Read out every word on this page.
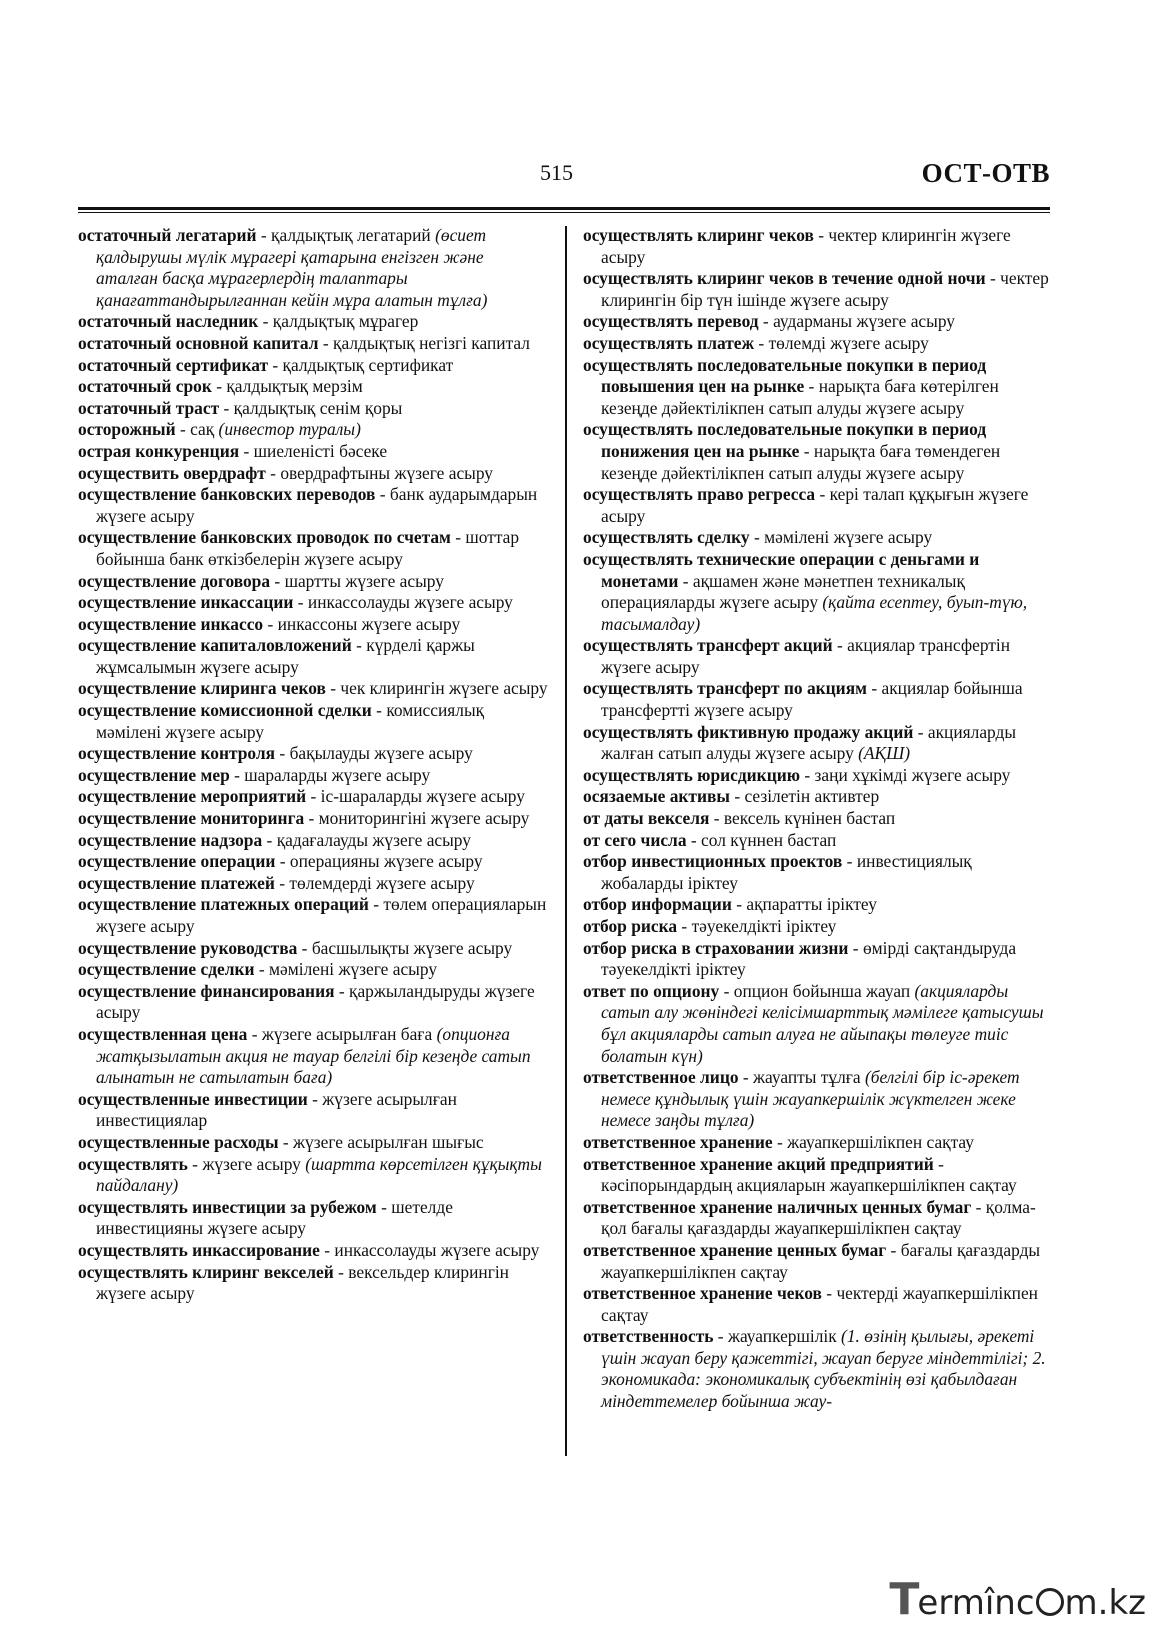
515	ОСТ-ОТВ

остаточный легатарий - қалдықтық легатарий (өсиет қалдырушы мүлік мұрагері қатарына енгізген және аталған басқа мұрагерлердің талаптары қанағаттандырылғаннан кейін мұра алатын тұлға)

остаточный наследник - қалдықтық мұрагер

остаточный основной капитал - қалдықтық негізгі капитал

остаточный сертификат - қалдықтық сертификат

остаточный срок - қалдықтық мерзім

остаточный траст - қалдықтық сенім қоры

осторожный - сақ (инвестор туралы)

острая конкуренция - шиеленісті бәсеке

осуществить овердрафт - овердрафтыны жүзеге асыру

осуществление банковских переводов - банк аударымдарын жүзеге асыру

осуществление банковских проводок по счетам - шоттар бойынша банк өткізбелерін жүзеге асыру

осуществление договора - шартты жүзеге асыру

осуществление инкассации - инкассолауды жүзеге асыру

осуществление инкассо - инкассоны жүзеге асыру

осуществление капиталовложений - күрделі қаржы жұмсалымын жүзеге асыру

осуществление клиринга чеков - чек клирингін жүзеге асыру

осуществление комиссионной сделки - комиссиялық мәмілені жүзеге асыру

осуществление контроля - бақылауды жүзеге асыру

осуществление мер - шараларды жүзеге асыру

осуществление мероприятий - іс-шараларды жүзеге асыру

осуществление мониторинга - мониторингіні жүзеге асыру

осуществление надзора - қадағалауды жүзеге асыру

осуществление операции - операцияны жүзеге асыру

осуществление платежей - төлемдерді жүзеге асыру

осуществление платежных операций - төлем операцияларын жүзеге асыру

осуществление руководства - басшылықты жүзеге асыру

осуществление сделки - мәмілені жүзеге асыру

осуществление финансирования - қаржыландыруды жүзеге асыру

осуществленная цена - жүзеге асырылған баға (опционға жатқызылатын акция не тауар белгілі бір кезеңде сатып алынатын не сатылатын баға)

осуществленные инвестиции - жүзеге асырылған инвестициялар

осуществленные расходы - жүзеге асырылған шығыс

осуществлять - жүзеге асыру (шартта көрсетілген құқықты пайдалану)

осуществлять инвестиции за рубежом - шетелде инвестицияны жүзеге асыру

осуществлять инкассирование - инкассолауды жүзеге асыру

осуществлять клиринг векселей - вексельдер клирингін жүзеге асыру

осуществлять клиринг чеков - чектер клирингін жүзеге асыру

осуществлять клиринг чеков в течение одной ночи - чектер клирингін бір түн ішінде жүзеге асыру

осуществлять перевод - аударманы жүзеге асыру

осуществлять платеж - төлемді жүзеге асыру

осуществлять последовательные покупки в период повышения цен на рынке - нарықта баға көтерілген кезеңде дәйектілікпен сатып алуды жүзеге асыру

осуществлять последовательные покупки в период понижения цен на рынке - нарықта баға төмендеген кезеңде дәйектілікпен сатып алуды жүзеге асыру

осуществлять право регресса - кері талап құқығын жүзеге асыру

осуществлять сделку - мәмілені жүзеге асыру

осуществлять технические операции с деньгами и монетами - ақшамен және мәнетпен техникалық операцияларды жүзеге асыру (қайта есептеу, буып-түю, тасымалдау)

осуществлять трансферт акций - акциялар трансфертін жүзеге асыру

осуществлять трансферт по акциям - акциялар бойынша трансфертті жүзеге асыру

осуществлять фиктивную продажу акций - акцияларды жалған сатып алуды жүзеге асыру (АҚШ)

осуществлять юрисдикцию - заңи хұкімді жүзеге асыру

осязаемые активы - сезілетін активтер

от даты векселя - вексель күнінен бастап

от сего числа - сол күннен бастап

отбор инвестиционных проектов - инвестициялық жобаларды іріктеу

отбор информации - ақпаратты іріктеу

отбор риска - тәуекелдікті іріктеу

отбор риска в страховании жизни - өмірді сақтандыруда тәуекелдікті іріктеу

ответ по опциону - опцион бойынша жауап (акцияларды сатып алу жөніндегі келісімшарттық мәмілеге қатысушы бұл акцияларды сатып алуға не айыпақы төлеуге тиіс болатын күн)

ответственное лицо - жауапты тұлға (белгілі бір іс-әрекет немесе құндылық үшін жауапкершілік жүктелген жеке немесе заңды тұлға)

ответственное хранение - жауапкершілікпен сақтау

ответственное хранение акций предприятий - кәсіпорындардың акцияларын жауапкершілікпен сақтау

ответственное хранение наличных ценных бумаг - қолма-қол бағалы қағаздарды жауапкершілікпен сақтау

ответственное хранение ценных бумаг - бағалы қағаздарды жауапкершілікпен сақтау

ответственное хранение чеков - чектерді жауапкершілікпен сақтау

ответственность - жауапкершілік (1. өзінің қылығы, әрекеті үшін жауап беру қажеттігі, жауап беруге міндеттілігі; 2. экономикада: экономикалық субъектінің өзі қабылдаған міндеттемелер бойынша жау-

T
ermînc m.kz
